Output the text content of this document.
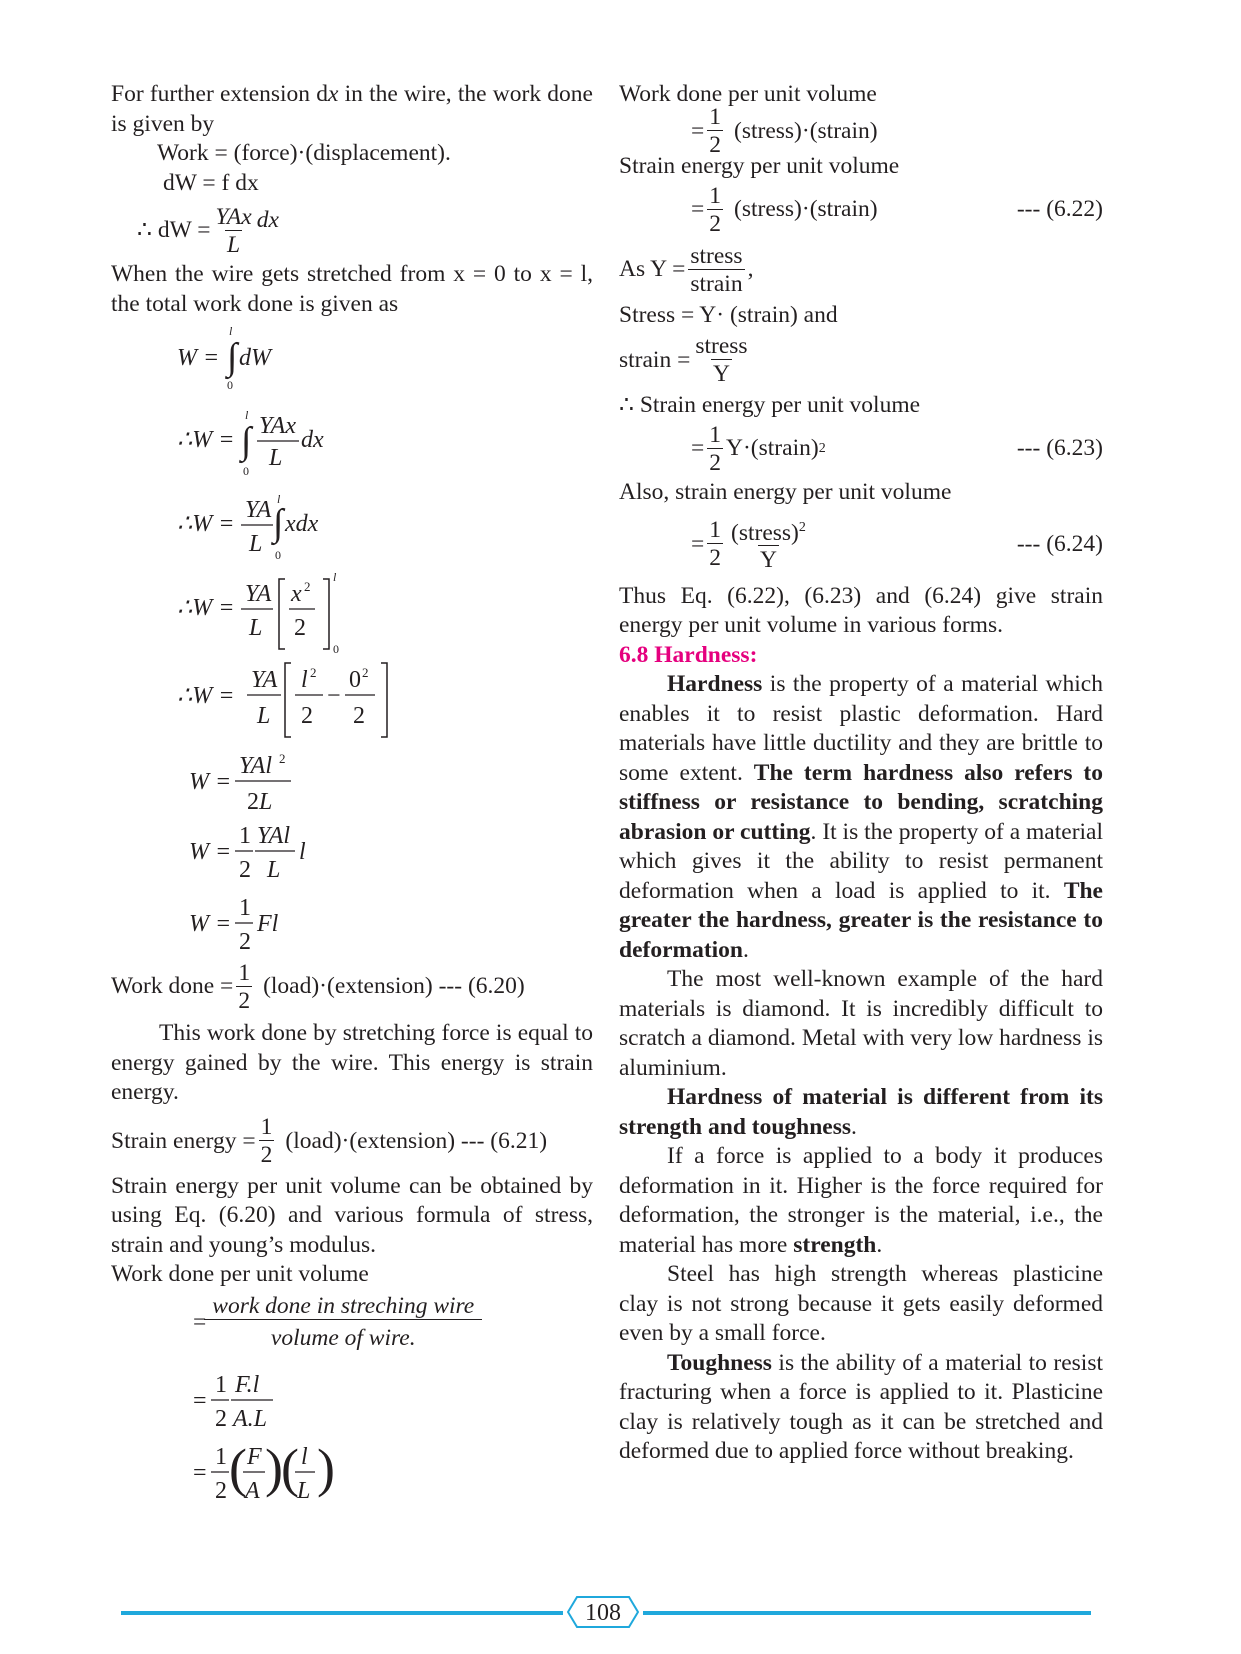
For further extension dx in the wire, the work done is given by

Work = (force)·(displacement).

dW = f dx

∴ dW = $\frac{\text{YAx}}{L}$ dx

When the wire gets stretched from x = 0 to x = l, the total work done is given as

W = ∫
l
0
dW
∴W = ∫
l
0
YAx
L
dx
∴W =
YA
L ∫
l
0
xdx
∴W =
YA
L
x 2
2
l
0
∴W =
YA
L
l 2
2
−
0 2
2
W =
YAl 2
2L
W =
1
2
YAl
L
l
W =
1
2
Fl
Work done = $\frac{1}{2}$ (load)·(extension) --- (6.20)

This work done by stretching force is equal to energy gained by the wire. This energy is strain energy.

Strain energy = $\frac{1}{2}$ (load)·(extension) --- (6.21)

Strain energy per unit volume can be obtained by using Eq. (6.20) and various formula of stress, strain and young’s modulus.

Work done per unit volume

= $\frac{\text{work done in streching wire}}{\text{volume of wire.}}$
=
1
2
F.l
A.L
=
1
2 ( F
A )
( l
L )

Work done per unit volume

= $\frac{1}{2}$ (stress)·(strain)

Strain energy per unit volume

= $\frac{1}{2}$ (stress)·(strain)	--- (6.22)
As $Y = \frac{\text{stress}}{\text{strain}}$ ,

Stress = Y· (strain) and

strain = $\frac{\text{stress}}{Y}$

∴ Strain energy per unit volume

= $\frac{1}{2}$ Y·(strain) 2	--- (6.23)

Also, strain energy per unit volume

= $\frac{1}{2} \frac{(stress)^2}{Y}$	--- (6.24)

Thus Eq. (6.22), (6.23) and (6.24) give strain energy per unit volume in various forms.

6.8 Hardness:

Hardness is the property of a material which enables it to resist plastic deformation. Hard materials have little ductility and they are brittle to some extent. The term hardness also refers to stiffness or resistance to bending, scratching abrasion or cutting. It is the property of a material which gives it the ability to resist permanent deformation when a load is applied to it. The greater the hardness, greater is the resistance to deformation.

The most well-known example of the hard materials is diamond. It is incredibly difficult to scratch a diamond. Metal with very low hardness is aluminium.

Hardness of material is different from its strength and toughness.

If a force is applied to a body it produces deformation in it. Higher is the force required for deformation, the stronger is the material, i.e., the material has more strength.

Steel has high strength whereas plasticine clay is not strong because it gets easily deformed even by a small force.

Toughness is the ability of a material to resist fracturing when a force is applied to it. Plasticine clay is relatively tough as it can be stretched and deformed due to applied force without breaking.

108
